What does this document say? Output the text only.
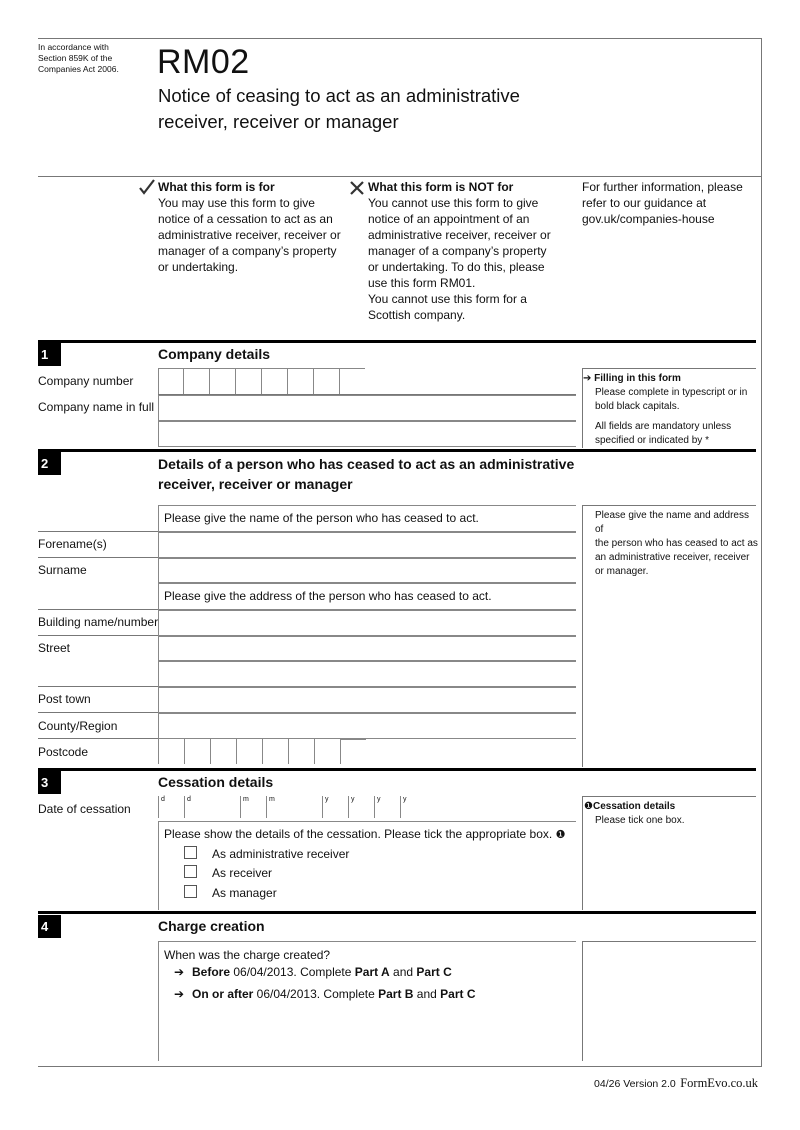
In accordance with
Section 859K of the
Companies Act 2006.	RM02
Notice of ceasing to act as an administrative
receiver, receiver or manager
What this form is for
You may use this form to give
notice of a cessation to act as an
administrative receiver, receiver or
manager of a company’s property
or undertaking.
What this form is NOT for
You cannot use this form to give
notice of an appointment of an
administrative receiver, receiver or
manager of a company’s property
or undertaking. To do this, please
use this form RM01.
You cannot use this form for a
Scottish company.
For further information, please
refer to our guidance at
gov.uk/companies-house
1	Company details
Company number
Company name in full
➔ Filling in this form
Please complete in typescript or in
bold black capitals.
All fields are mandatory unless
specified or indicated by *
2	Details of a person who has ceased to act as an administrative
receiver, receiver or manager
Please give the name of the person who has ceased to act.
Forename(s)
Surname
Please give the address of the person who has ceased to act.
Building name/number
Street
Post town
County/Region
Postcode
Please give the name and address of
the person who has ceased to act as
an administrative receiver, receiver
or manager.
3	Cessation details
Date of cessation
d	d	m	m	y	y	y	y
Please show the details of the cessation. Please tick the appropriate box. ❶
As administrative receiver
As receiver
As manager
❶Cessation details
Please tick one box.
4	Charge creation
When was the charge created?
➔ Before 06/04/2013. Complete Part A and Part C
➔ On or after 06/04/2013. Complete Part B and Part C
04/26 Version 2.0 FormEvo.co.uk
